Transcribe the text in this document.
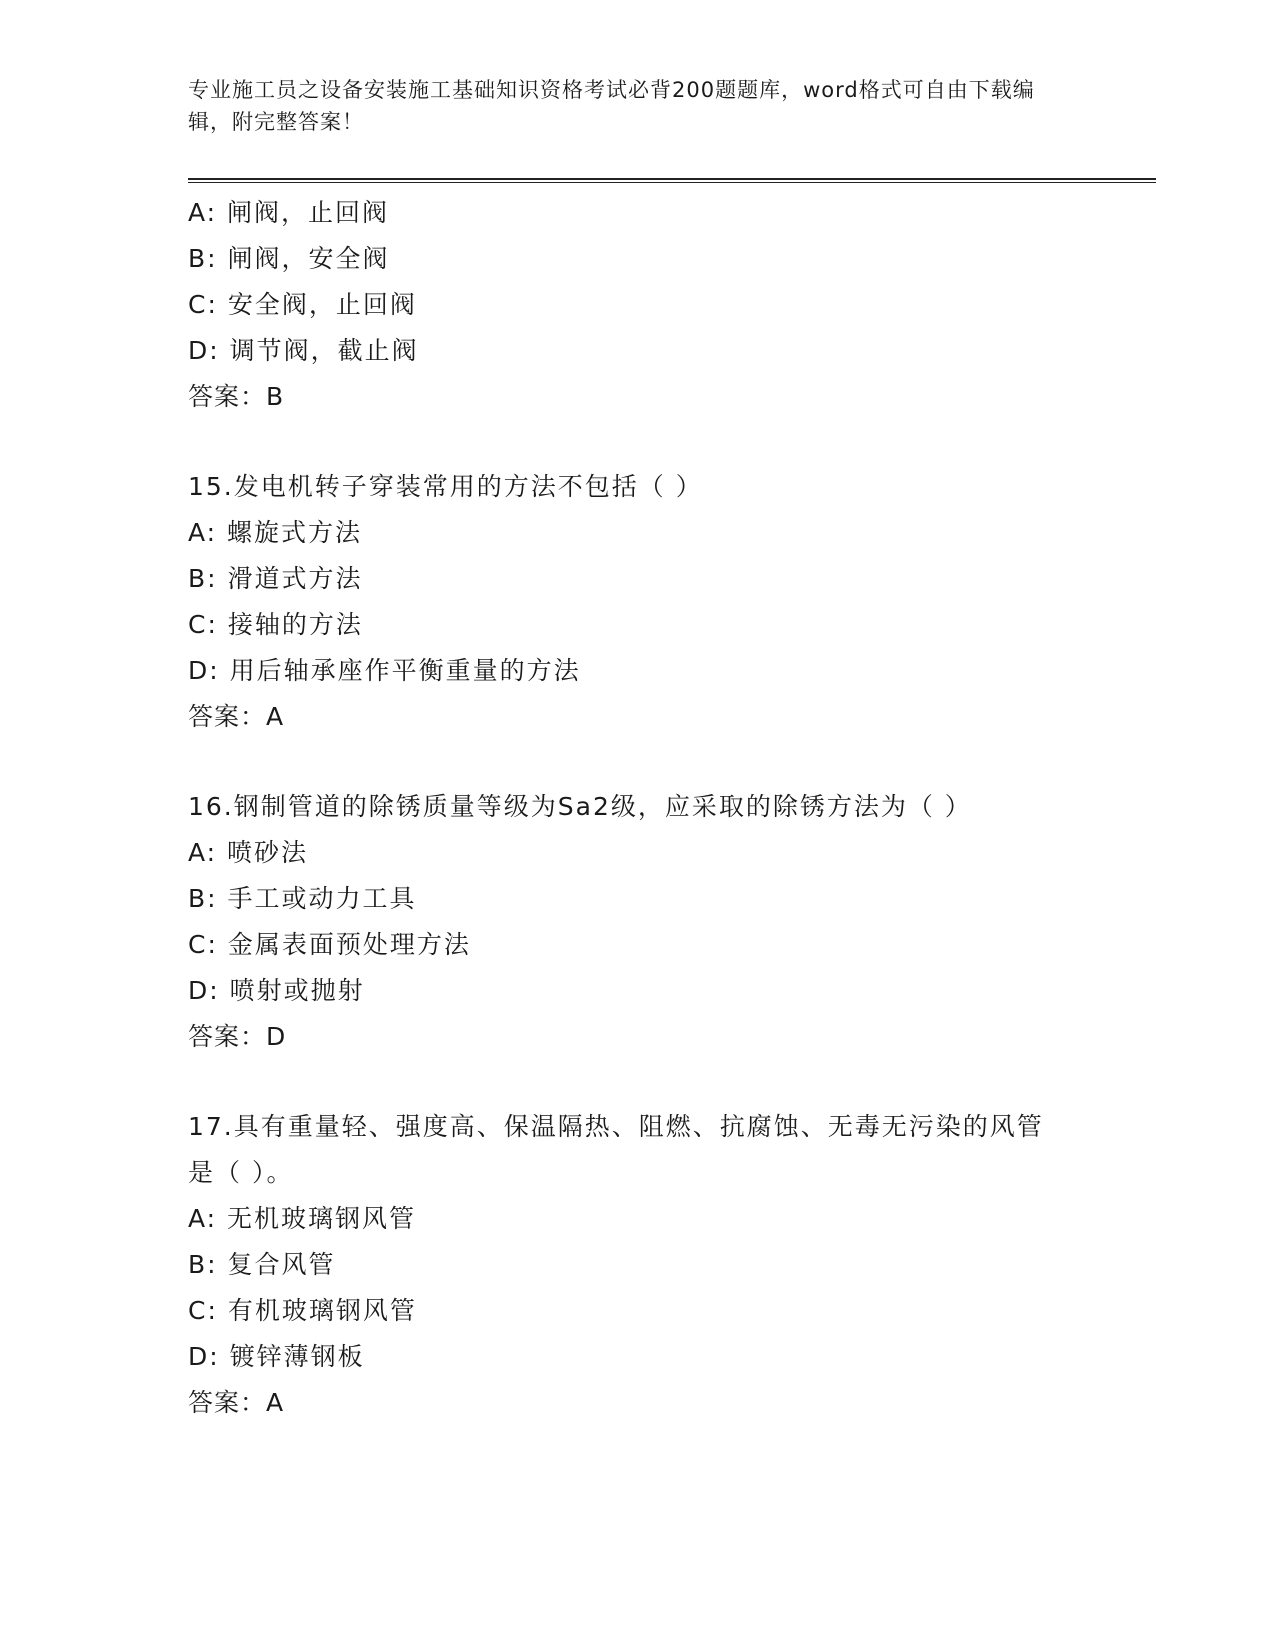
专业施工员之设备安装施工基础知识资格考试必背200题题库，word格式可自由下载编辑，附完整答案！
A: 闸阀，止回阀
B: 闸阀，安全阀
C: 安全阀，止回阀
D: 调节阀，截止阀
答案：B
15.发电机转子穿装常用的方法不包括（ ）
A: 螺旋式方法
B: 滑道式方法
C: 接轴的方法
D: 用后轴承座作平衡重量的方法
答案：A
16.钢制管道的除锈质量等级为Sa2级，应采取的除锈方法为（ ）
A: 喷砂法
B: 手工或动力工具
C: 金属表面预处理方法
D: 喷射或抛射
答案：D
17.具有重量轻、强度高、保温隔热、阻燃、抗腐蚀、无毒无污染的风管是（ ）。
A: 无机玻璃钢风管
B: 复合风管
C: 有机玻璃钢风管
D: 镀锌薄钢板
答案：A
